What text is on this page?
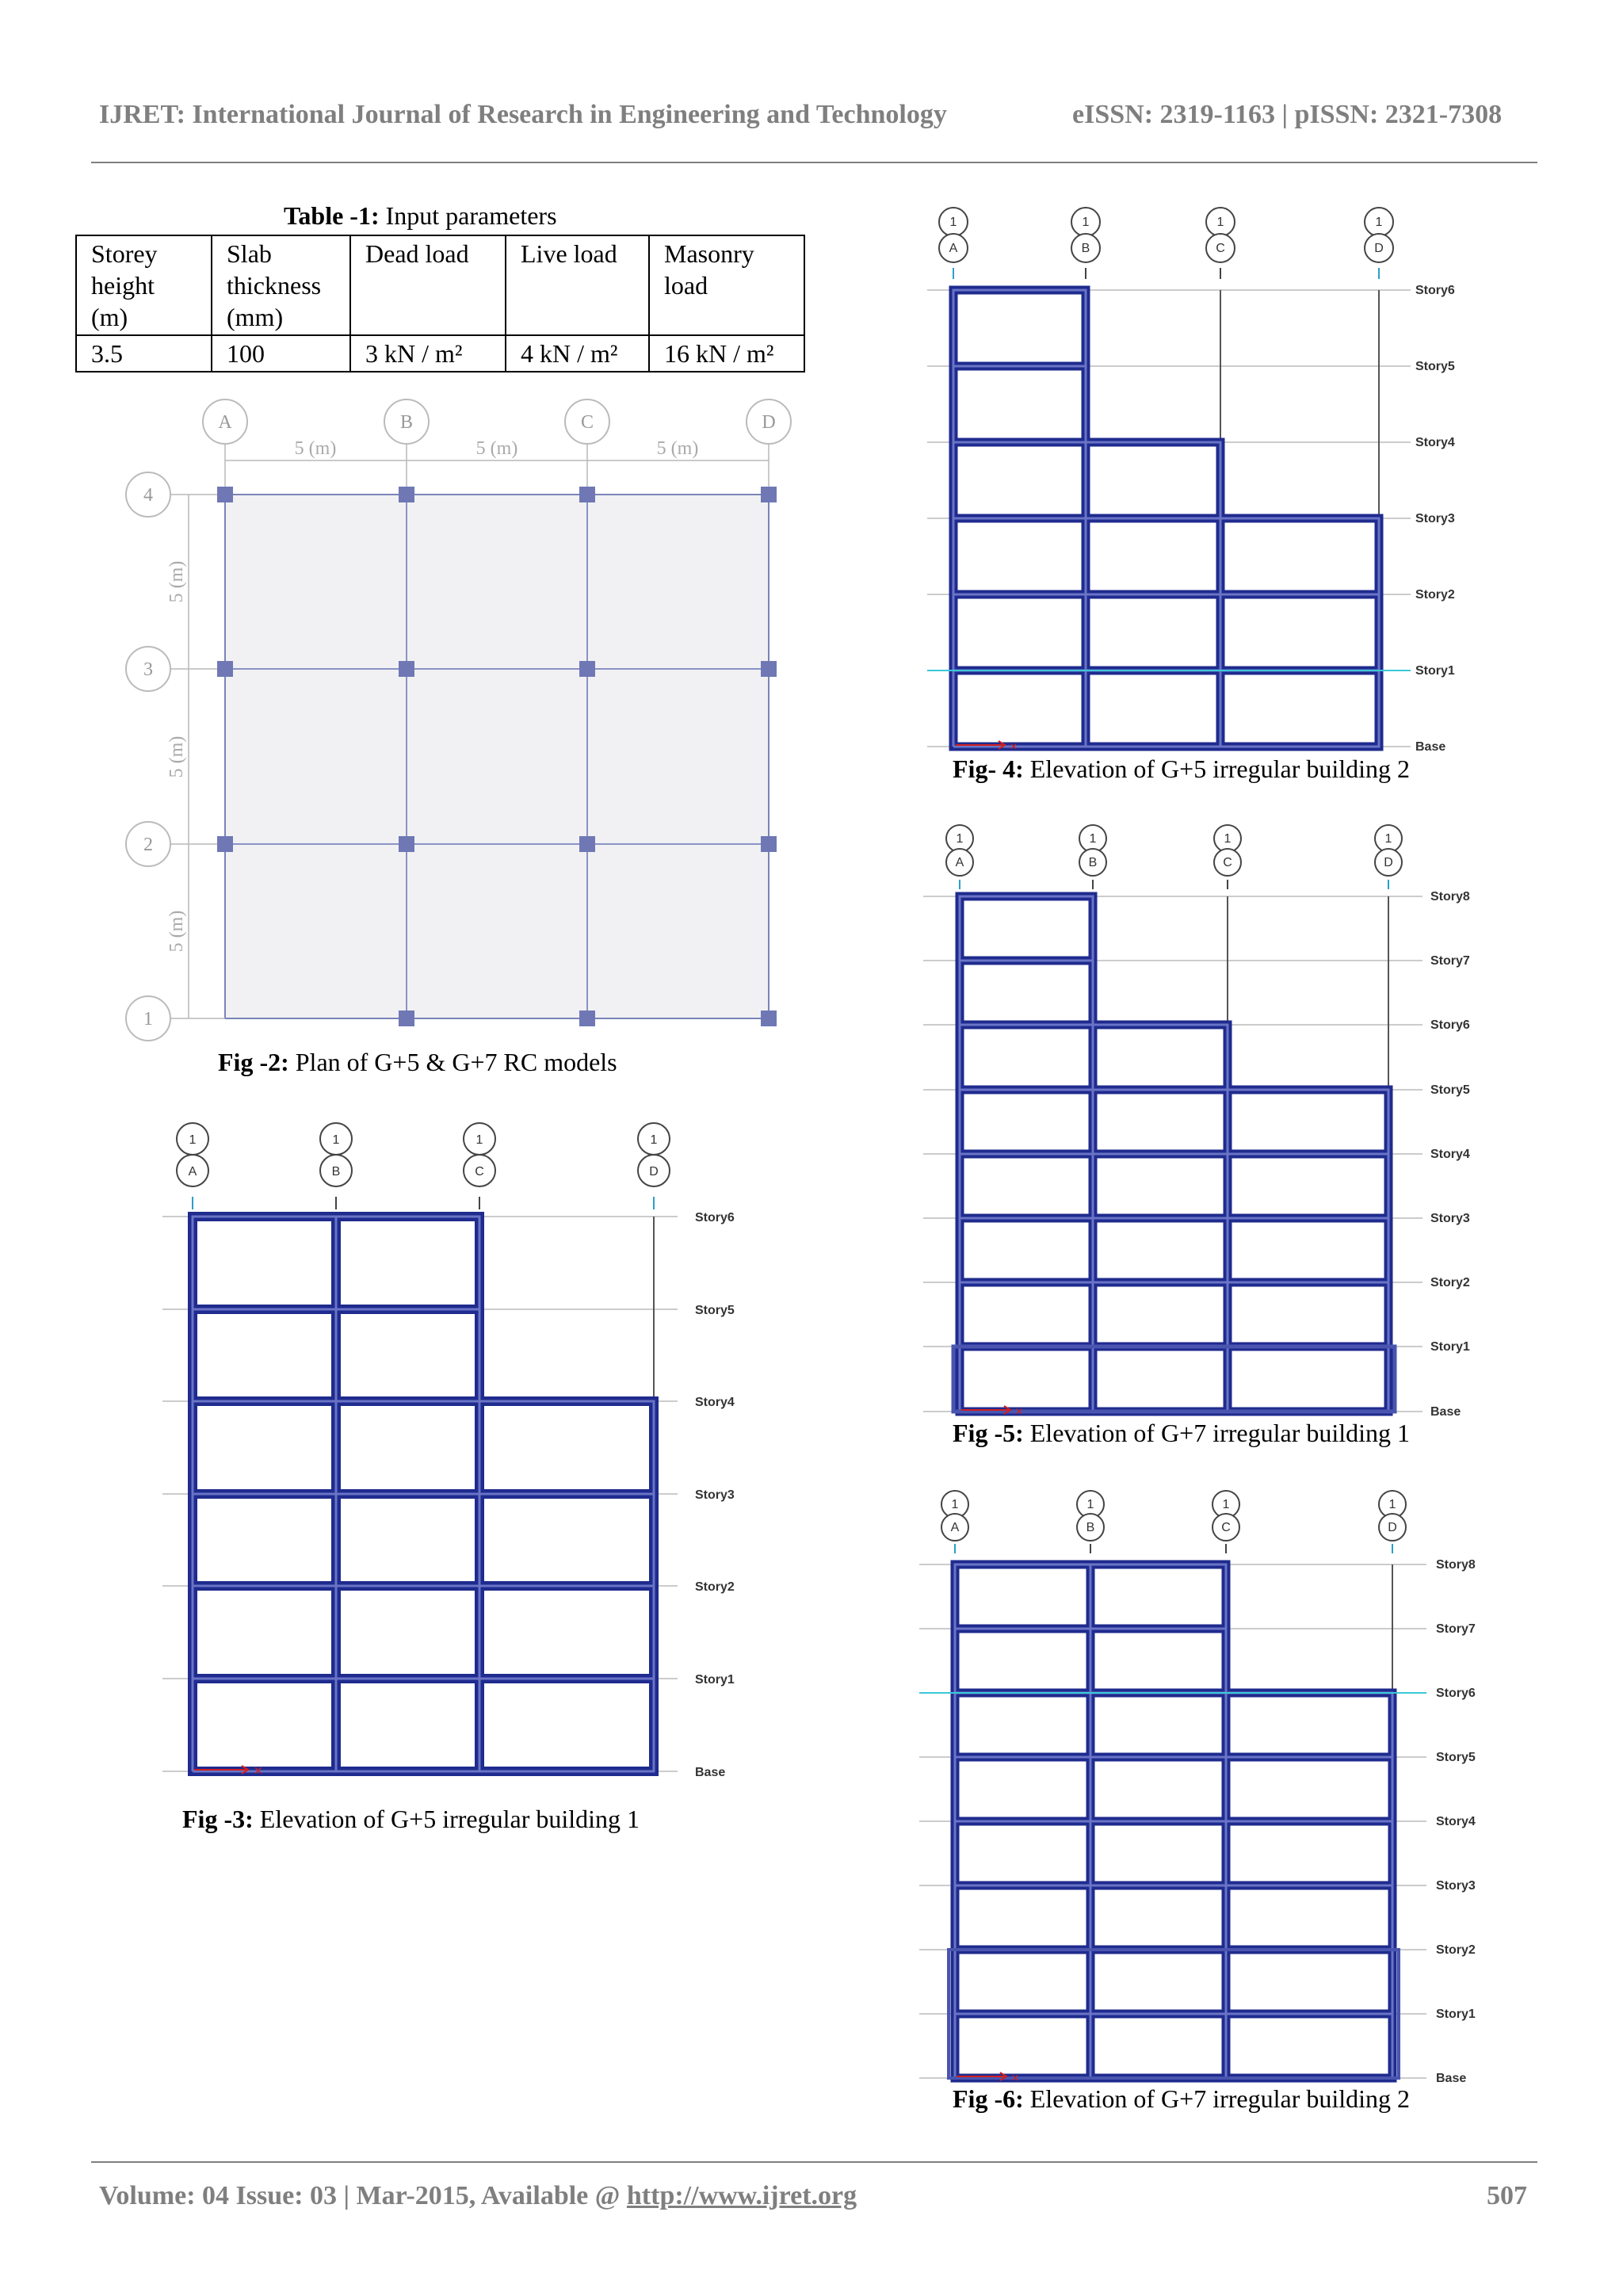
IJRET: International Journal of Research in Engineering and Technology	eISSN: 2319-1163 | pISSN: 2321-7308
Table -1: Input parameters
Storey height (m)	Slab thickness (mm)	Dead load	Live load	Masonry load
3.5	100	3 kN / m²	4 kN / m²	16 kN / m²
A	B	C	D
4
3
2
1
5 (m)	5 (m)	5 (m)
5 (m)
5 (m)
5 (m)
Fig -2: Plan of G+5 & G+7 RC models
1
A
1
B
1
C
1
D
✕
Story6
Story5
Story4
Story3
Story2
Story1
Base
Fig -3: Elevation of G+5 irregular building 1
1
A
1
B
1
C
1
D
✕
Story6
Story5
Story4
Story3
Story2
Story1
Base
Fig- 4: Elevation of G+5 irregular building 2
1
A
1
B
1
C
1
D
✕
Story8
Story7
Story6
Story5
Story4
Story3
Story2
Story1
Base
Fig -5: Elevation of G+7 irregular building 1
1
A
1
B
1
C
1
D
✕
Story8
Story7
Story6
Story5
Story4
Story3
Story2
Story1
Base
Fig -6: Elevation of G+7 irregular building 2
Volume: 04 Issue: 03 | Mar-2015, Available @ http://www.ijret.org	507
